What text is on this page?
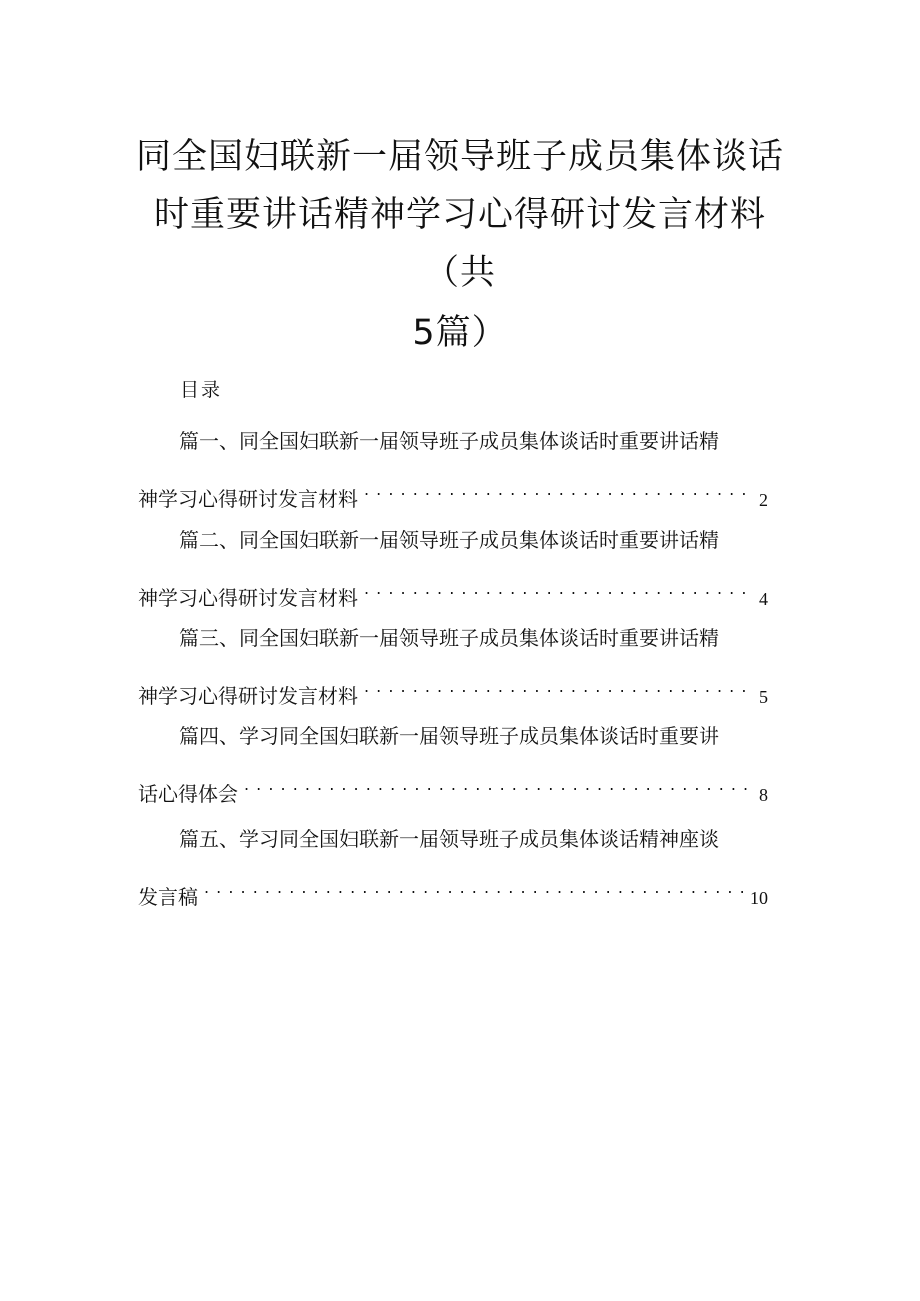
同全国妇联新一届领导班子成员集体谈话
时重要讲话精神学习心得研讨发言材料
（共
5篇）
目录
篇一、同全国妇联新一届领导班子成员集体谈话时重要讲话精
神学习心得研讨发言材料 . . .	2
篇二、同全国妇联新一届领导班子成员集体谈话时重要讲话精
神学习心得研讨发言材料 . . .	4
篇三、同全国妇联新一届领导班子成员集体谈话时重要讲话精
神学习心得研讨发言材料 . . .	5
篇四、学习同全国妇联新一届领导班子成员集体谈话时重要讲
话心得体会 . . .	8
篇五、学习同全国妇联新一届领导班子成员集体谈话精神座谈
发言稿 . . .	10
